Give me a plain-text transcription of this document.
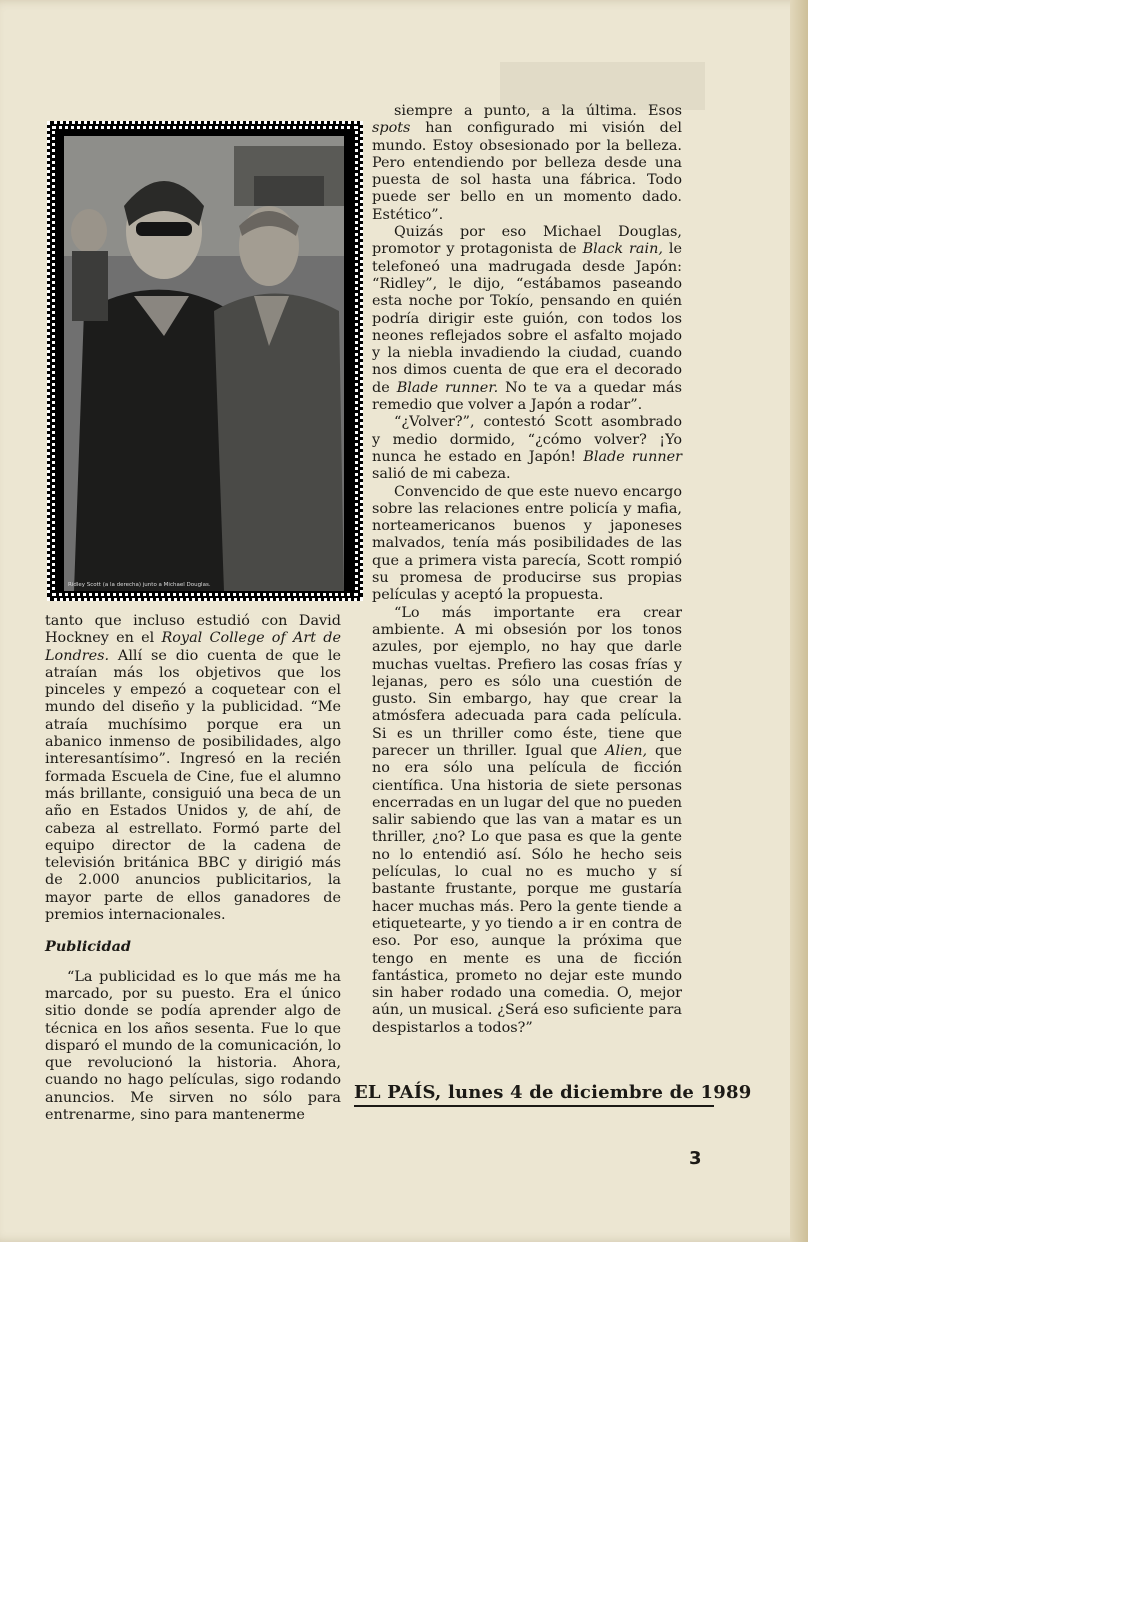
Ridley Scott (a la derecha) junto a Michael Douglas.

tanto que incluso estudió con David Hockney en el Royal College of Art de Londres. Allí se dio cuenta de que le atraían más los objetivos que los pinceles y empezó a coquetear con el mundo del diseño y la publicidad. “Me atraía muchísimo porque era un abanico inmenso de posibilidades, algo interesantísimo”. Ingresó en la recién formada Escuela de Cine, fue el alumno más brillante, consiguió una beca de un año en Estados Unidos y, de ahí, de cabeza al estrellato. Formó parte del equipo director de la cadena de televisión británica BBC y dirigió más de 2.000 anuncios publicitarios, la mayor parte de ellos ganadores de premios internacionales.

Publicidad

“La publicidad es lo que más me ha marcado, por su puesto. Era el único sitio donde se podía aprender algo de técnica en los años sesenta. Fue lo que disparó el mundo de la comunicación, lo que revolucionó la historia. Ahora, cuando no hago películas, sigo rodando anuncios. Me sirven no sólo para entrenarme, sino para mantenerme

siempre a punto, a la última. Esos spots han configurado mi visión del mundo. Estoy obsesionado por la belleza. Pero entendiendo por belleza desde una puesta de sol hasta una fábrica. Todo puede ser bello en un momento dado. Estético”.

Quizás por eso Michael Douglas, promotor y protagonista de Black rain, le telefoneó una madrugada desde Japón: “Ridley”, le dijo, “estábamos paseando esta noche por Tokío, pensando en quién podría dirigir este guión, con todos los neones reflejados sobre el asfalto mojado y la niebla invadiendo la ciudad, cuando nos dimos cuenta de que era el decorado de Blade runner. No te va a quedar más remedio que volver a Japón a rodar”.

“¿Volver?”, contestó Scott asombrado y medio dormido, “¿cómo volver? ¡Yo nunca he estado en Japón! Blade runner salió de mi cabeza.

Convencido de que este nuevo encargo sobre las relaciones entre policía y mafia, norteamericanos buenos y japoneses malvados, tenía más posibilidades de las que a primera vista parecía, Scott rompió su promesa de producirse sus propias películas y aceptó la propuesta.

“Lo más importante era crear ambiente. A mi obsesión por los tonos azules, por ejemplo, no hay que darle muchas vueltas. Prefiero las cosas frías y lejanas, pero es sólo una cuestión de gusto. Sin embargo, hay que crear la atmósfera adecuada para cada película. Si es un thriller como éste, tiene que parecer un thriller. Igual que Alien, que no era sólo una película de ficción científica. Una historia de siete personas encerradas en un lugar del que no pueden salir sabiendo que las van a matar es un thriller, ¿no? Lo que pasa es que la gente no lo entendió así. Sólo he hecho seis películas, lo cual no es mucho y sí bastante frustante, porque me gustaría hacer muchas más. Pero la gente tiende a etiquetearte, y yo tiendo a ir en contra de eso. Por eso, aunque la próxima que tengo en mente es una de ficción fantástica, prometo no dejar este mundo sin haber rodado una comedia. O, mejor aún, un musical. ¿Será eso suficiente para despistarlos a todos?”

EL PAÍS, lunes 4 de diciembre de 1989
3
